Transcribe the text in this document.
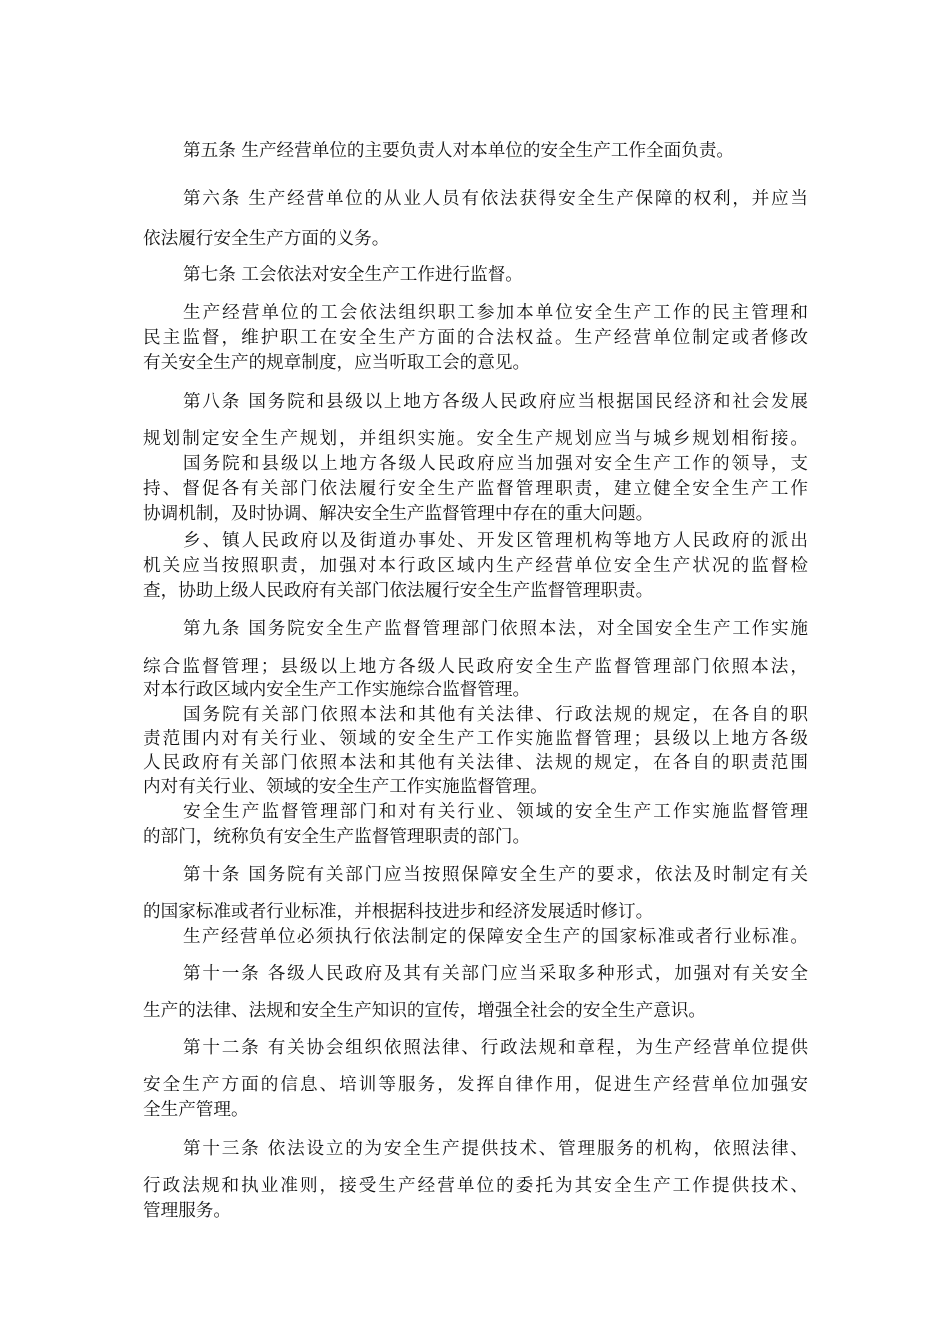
第五条 生产经营单位的主要负责人对本单位的安全生产工作全面负责。
第六条 生产经营单位的从业人员有依法获得安全生产保障的权利，并应当
依法履行安全生产方面的义务。
第七条 工会依法对安全生产工作进行监督。
生产经营单位的工会依法组织职工参加本单位安全生产工作的民主管理和
民主监督，维护职工在安全生产方面的合法权益。生产经营单位制定或者修改
有关安全生产的规章制度，应当听取工会的意见。
第八条 国务院和县级以上地方各级人民政府应当根据国民经济和社会发展
规划制定安全生产规划，并组织实施。安全生产规划应当与城乡规划相衔接。
国务院和县级以上地方各级人民政府应当加强对安全生产工作的领导，支
持、督促各有关部门依法履行安全生产监督管理职责，建立健全安全生产工作
协调机制，及时协调、解决安全生产监督管理中存在的重大问题。
乡、镇人民政府以及街道办事处、开发区管理机构等地方人民政府的派出
机关应当按照职责，加强对本行政区域内生产经营单位安全生产状况的监督检
查，协助上级人民政府有关部门依法履行安全生产监督管理职责。
第九条 国务院安全生产监督管理部门依照本法，对全国安全生产工作实施
综合监督管理；县级以上地方各级人民政府安全生产监督管理部门依照本法，
对本行政区域内安全生产工作实施综合监督管理。
国务院有关部门依照本法和其他有关法律、行政法规的规定，在各自的职
责范围内对有关行业、领域的安全生产工作实施监督管理；县级以上地方各级
人民政府有关部门依照本法和其他有关法律、法规的规定，在各自的职责范围
内对有关行业、领域的安全生产工作实施监督管理。
安全生产监督管理部门和对有关行业、领域的安全生产工作实施监督管理
的部门，统称负有安全生产监督管理职责的部门。
第十条 国务院有关部门应当按照保障安全生产的要求，依法及时制定有关
的国家标准或者行业标准，并根据科技进步和经济发展适时修订。
生产经营单位必须执行依法制定的保障安全生产的国家标准或者行业标准。
第十一条 各级人民政府及其有关部门应当采取多种形式，加强对有关安全
生产的法律、法规和安全生产知识的宣传，增强全社会的安全生产意识。
第十二条 有关协会组织依照法律、行政法规和章程，为生产经营单位提供
安全生产方面的信息、培训等服务，发挥自律作用，促进生产经营单位加强安
全生产管理。
第十三条 依法设立的为安全生产提供技术、管理服务的机构，依照法律、
行政法规和执业准则，接受生产经营单位的委托为其安全生产工作提供技术、
管理服务。
